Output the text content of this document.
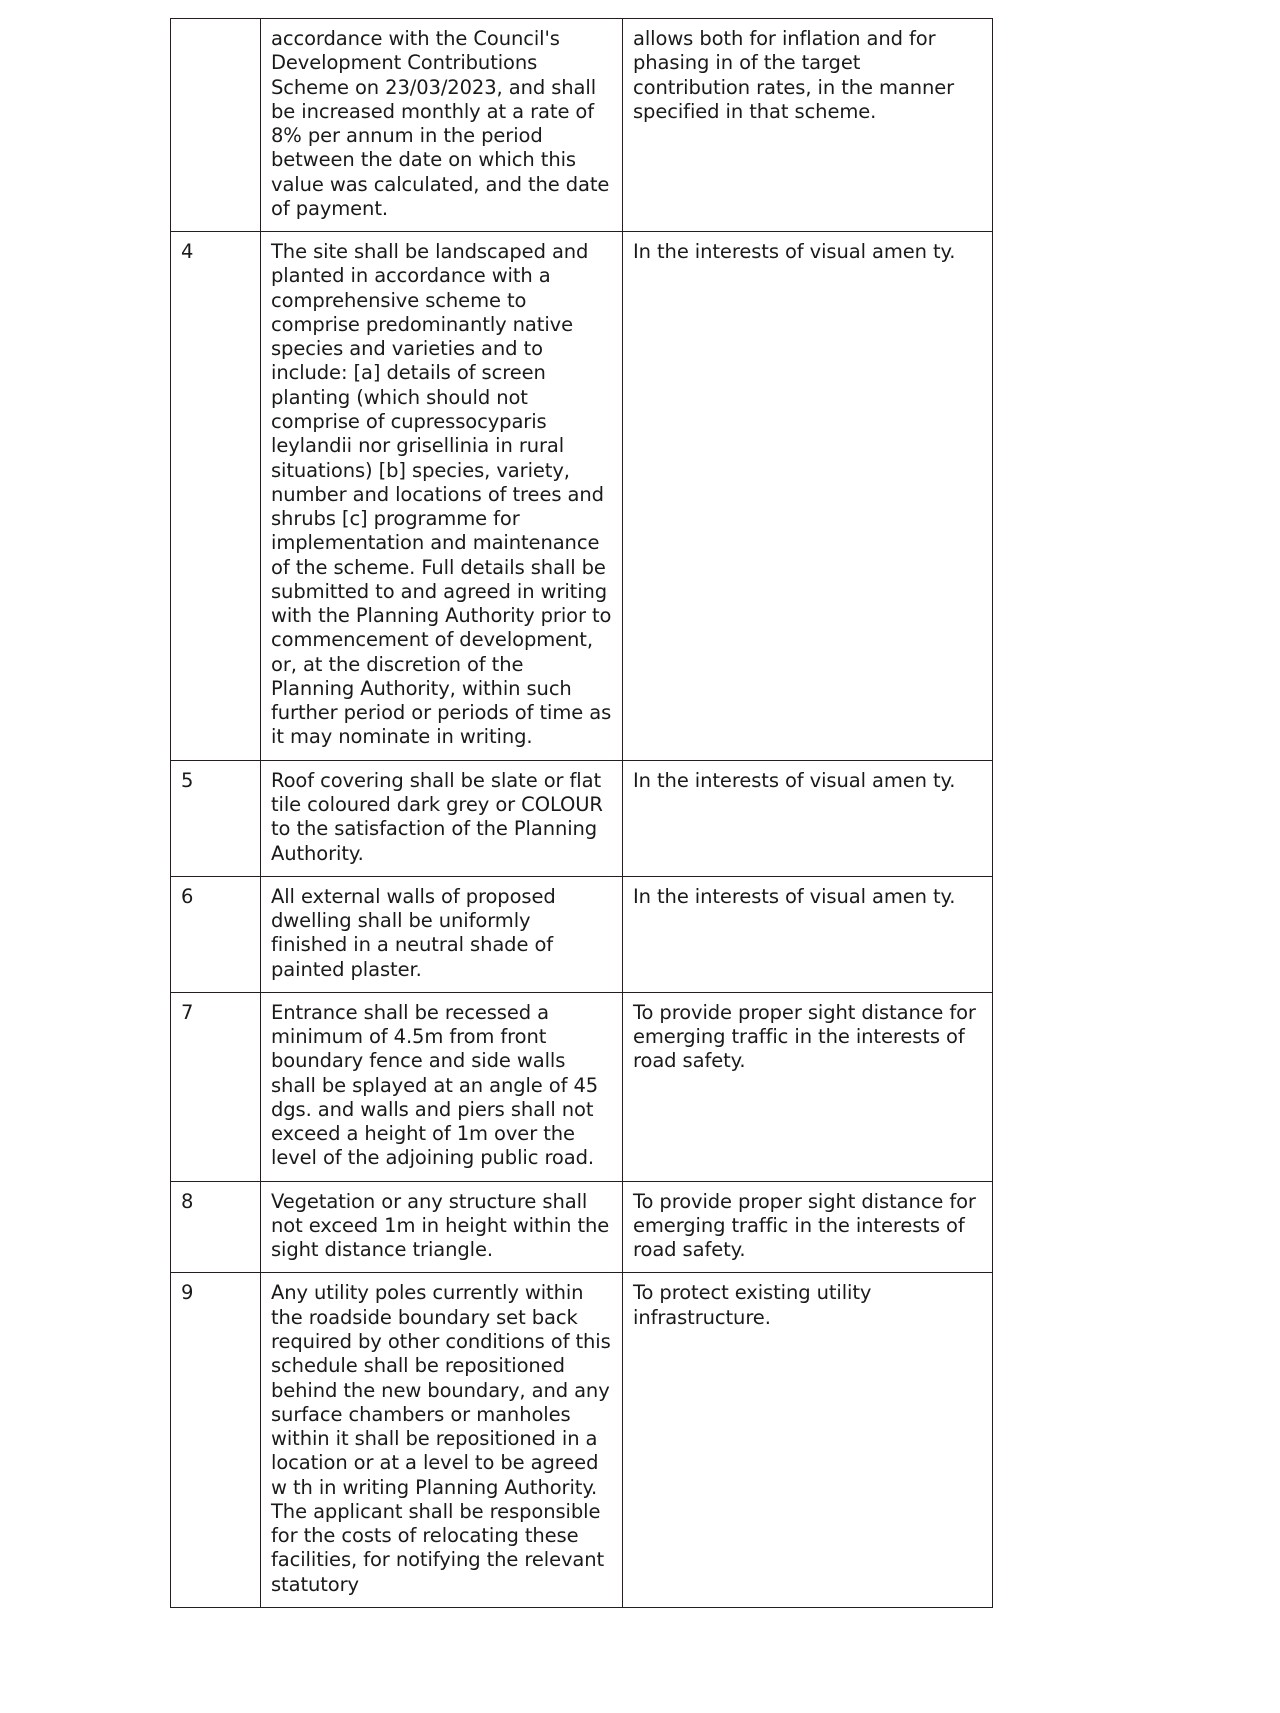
	accordance with the Council's Development Contributions Scheme on 23/03/2023, and shall be increased monthly at a rate of 8% per annum in the period between the date on which this value was calculated, and the date of payment.	allows both for inflation and for phasing in of the target contribution rates, in the manner specified in that scheme.
4	The site shall be landscaped and planted in accordance with a comprehensive scheme to comprise predominantly native species and varieties and to include: [a] details of screen planting (which should not comprise of cupressocyparis leylandii nor grisellinia in rural situations) [b] species, variety, number and locations of trees and shrubs [c] programme for implementation and maintenance of the scheme. Full details shall be submitted to and agreed in writing with the Planning Authority prior to commencement of development, or, at the discretion of the Planning Authority, within such further period or periods of time as it may nominate in writing.	In the interests of visual amen ty.
5	Roof covering shall be slate or flat tile coloured dark grey or COLOUR to the satisfaction of the Planning Authority.	In the interests of visual amen ty.
6	All external walls of proposed dwelling shall be uniformly finished in a neutral shade of painted plaster.	In the interests of visual amen ty.
7	Entrance shall be recessed a minimum of 4.5m from front boundary fence and side walls shall be splayed at an angle of 45 dgs. and walls and piers shall not exceed a height of 1m over the level of the adjoining public road.	To provide proper sight distance for emerging traffic in the interests of road safety.
8	Vegetation or any structure shall not exceed 1m in height within the sight distance triangle.	To provide proper sight distance for emerging traffic in the interests of road safety.
9	Any utility poles currently within the roadside boundary set back required by other conditions of this schedule shall be repositioned behind the new boundary, and any surface chambers or manholes within it shall be repositioned in a location or at a level to be agreed w th in writing Planning Authority. The applicant shall be responsible for the costs of relocating these facilities, for notifying the relevant statutory	To protect existing utility infrastructure.
